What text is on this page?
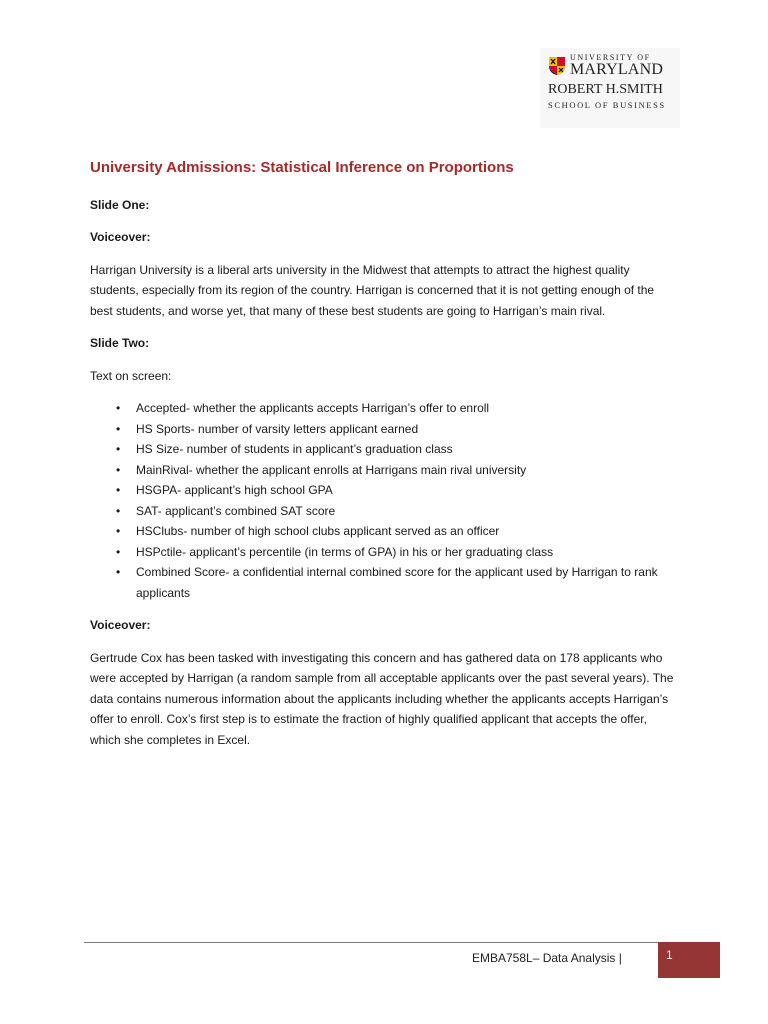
UNIVERSITY OF
MARYLAND
ROBERT H.SMITH
SCHOOL OF BUSINESS
University Admissions: Statistical Inference on Proportions
Slide One:
Voiceover:
Harrigan University is a liberal arts university in the Midwest that attempts to attract the highest quality students, especially from its region of the country. Harrigan is concerned that it is not getting enough of the best students, and worse yet, that many of these best students are going to Harrigan’s main rival.
Slide Two:
Text on screen:
• Accepted- whether the applicants accepts Harrigan’s offer to enroll
• HS Sports- number of varsity letters applicant earned
• HS Size- number of students in applicant’s graduation class
• MainRival- whether the applicant enrolls at Harrigans main rival university
• HSGPA- applicant’s high school GPA
• SAT- applicant’s combined SAT score
• HSClubs- number of high school clubs applicant served as an officer
• HSPctile- applicant’s percentile (in terms of GPA) in his or her graduating class
• Combined Score- a confidential internal combined score for the applicant used by Harrigan to rank applicants
Voiceover:
Gertrude Cox has been tasked with investigating this concern and has gathered data on 178 applicants who were accepted by Harrigan (a random sample from all acceptable applicants over the past several years). The data contains numerous information about the applicants including whether the applicants accepts Harrigan’s offer to enroll. Cox’s first step is to estimate the fraction of highly qualified applicant that accepts the offer, which she completes in Excel.
EMBA758L– Data Analysis |	1
